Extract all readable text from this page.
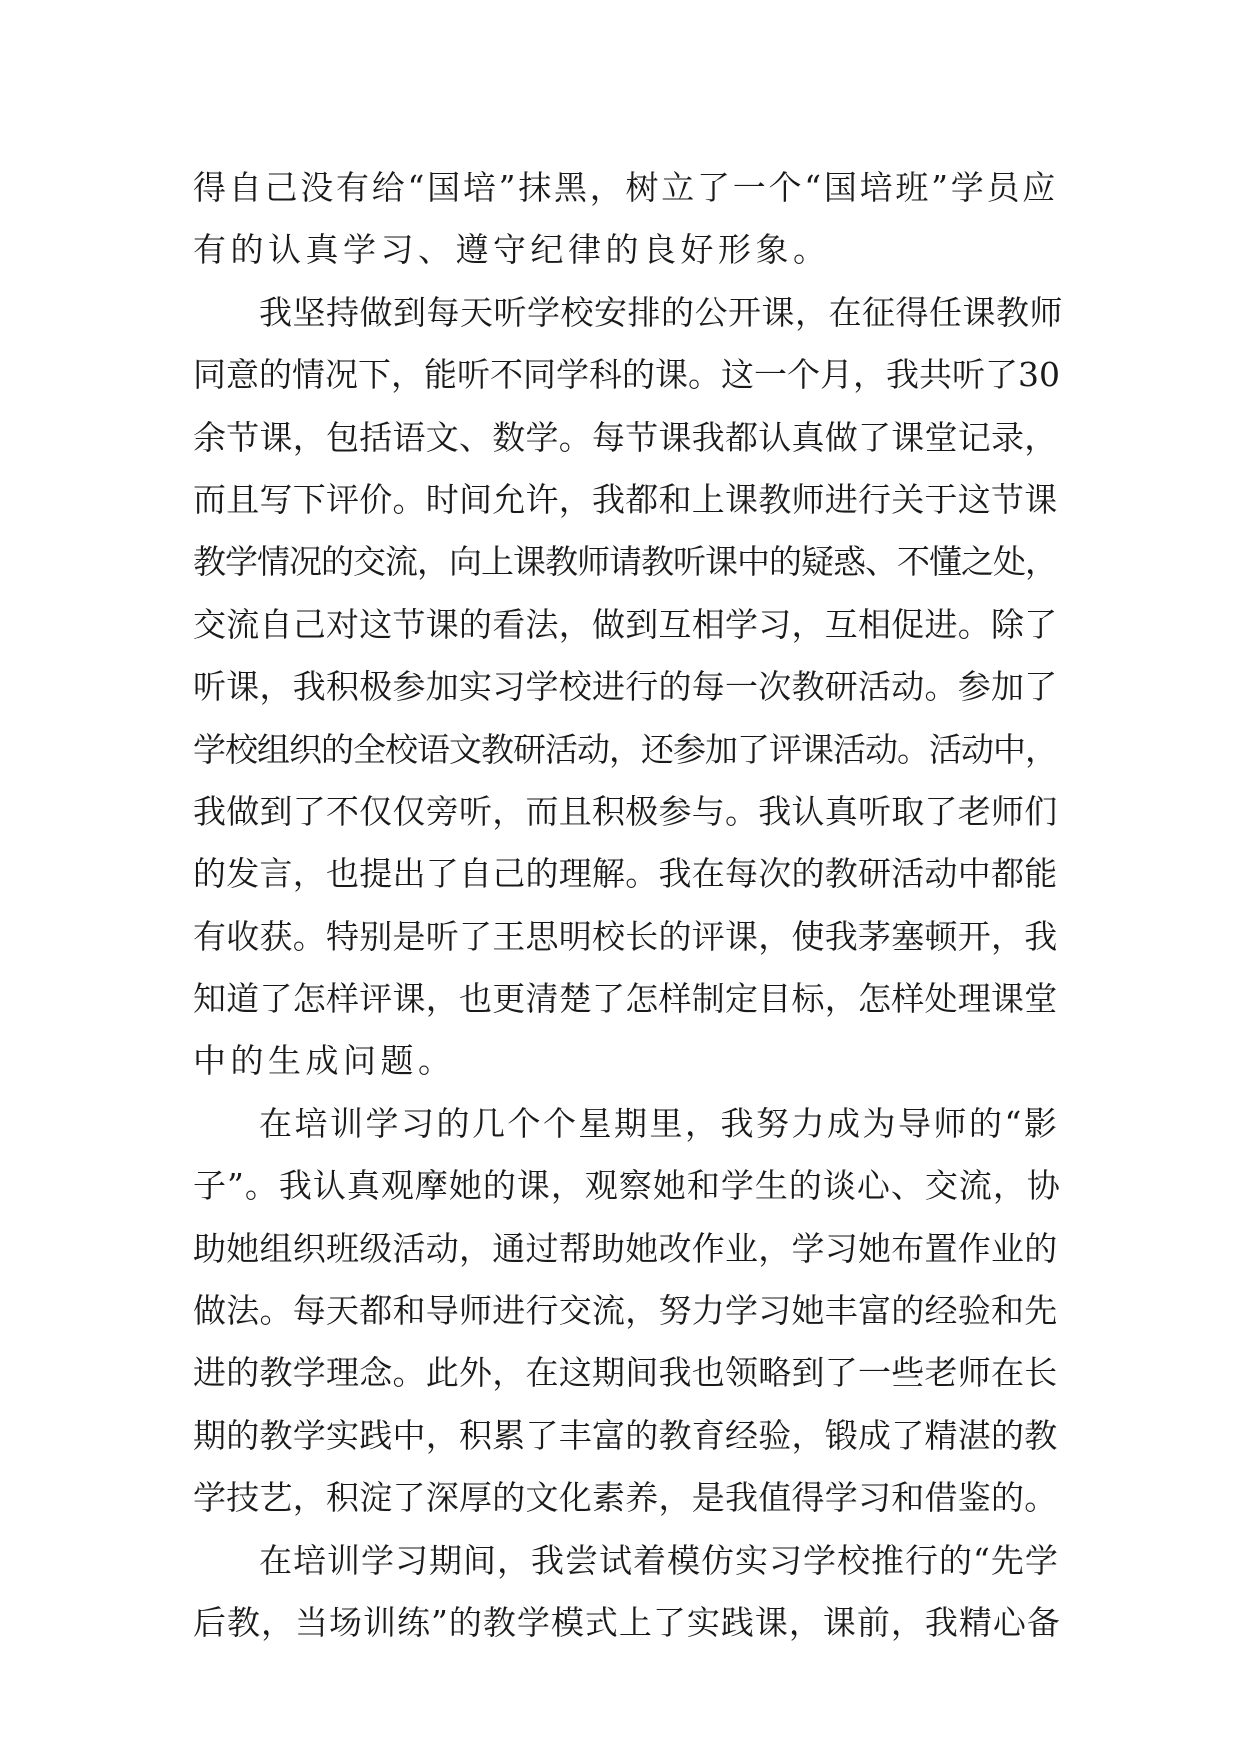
得自己没有给“国培”抹黑，树立了一个“国培班”学员应
有的认真学习、遵守纪律的良好形象。
我坚持做到每天听学校安排的公开课，在征得任课教师
同意的情况下，能听不同学科的课。这一个月，我共听了30
余节课，包括语文、数学。每节课我都认真做了课堂记录，
而且写下评价。时间允许，我都和上课教师进行关于这节课
教学情况的交流，向上课教师请教听课中的疑惑、不懂之处，
交流自己对这节课的看法，做到互相学习，互相促进。除了
听课，我积极参加实习学校进行的每一次教研活动。参加了
学校组织的全校语文教研活动，还参加了评课活动。活动中，
我做到了不仅仅旁听，而且积极参与。我认真听取了老师们
的发言，也提出了自己的理解。我在每次的教研活动中都能
有收获。特别是听了王思明校长的评课，使我茅塞顿开，我
知道了怎样评课，也更清楚了怎样制定目标，怎样处理课堂
中的生成问题。
在培训学习的几个个星期里，我努力成为导师的“影
子”。我认真观摩她的课，观察她和学生的谈心、交流，协
助她组织班级活动，通过帮助她改作业，学习她布置作业的
做法。每天都和导师进行交流，努力学习她丰富的经验和先
进的教学理念。此外，在这期间我也领略到了一些老师在长
期的教学实践中，积累了丰富的教育经验，锻成了精湛的教
学技艺，积淀了深厚的文化素养，是我值得学习和借鉴的。
在培训学习期间，我尝试着模仿实习学校推行的“先学
后教，当场训练”的教学模式上了实践课，课前，我精心备
